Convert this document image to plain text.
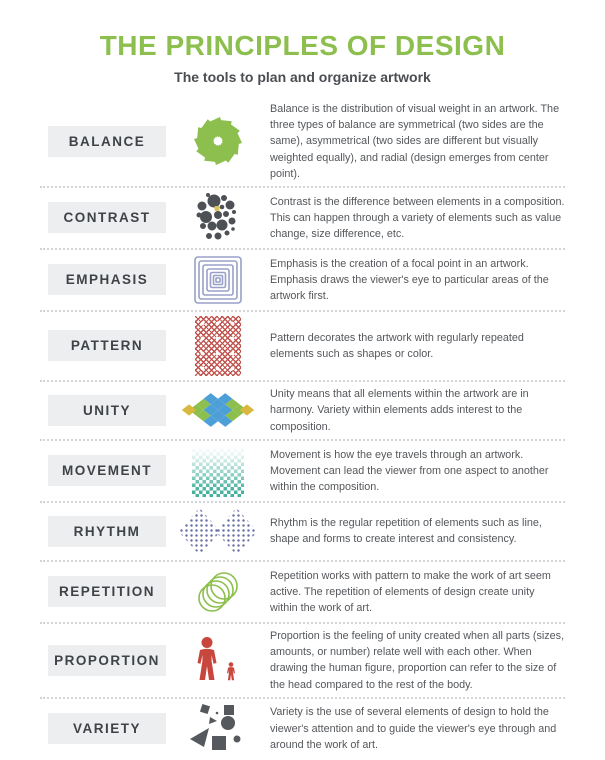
THE PRINCIPLES OF DESIGN

The tools to plan and organize artwork

BALANCE

Balance is the distribution of visual weight in an artwork. The three types of balance are symmetrical (two sides are the same), asymmetrical (two sides are different but visually weighted equally), and radial (design emerges from center point).

CONTRAST

Contrast is the difference between elements in a composition. This can happen through a variety of elements such as value change, size difference, etc.

EMPHASIS

Emphasis is the creation of a focal point in an artwork. Emphasis draws the viewer's eye to particular areas of the artwork first.

PATTERN

Pattern decorates the artwork with regularly repeated elements such as shapes or color.

UNITY

Unity means that all elements within the artwork are in harmony. Variety within elements adds interest to the composition.

MOVEMENT

Movement is how the eye travels through an artwork. Movement can lead the viewer from one aspect to another within the composition.

RHYTHM

Rhythm is the regular repetition of elements such as line, shape and forms to create interest and consistency.

REPETITION

Repetition works with pattern to make the work of art seem active. The repetition of elements of design create unity within the work of art.

PROPORTION

Proportion is the feeling of unity created when all parts (sizes, amounts, or number) relate well with each other. When drawing the human figure, proportion can refer to the size of the head compared to the rest of the body.

VARIETY

Variety is the use of several elements of design to hold the viewer's attention and to guide the viewer's eye through and around the work of art.
